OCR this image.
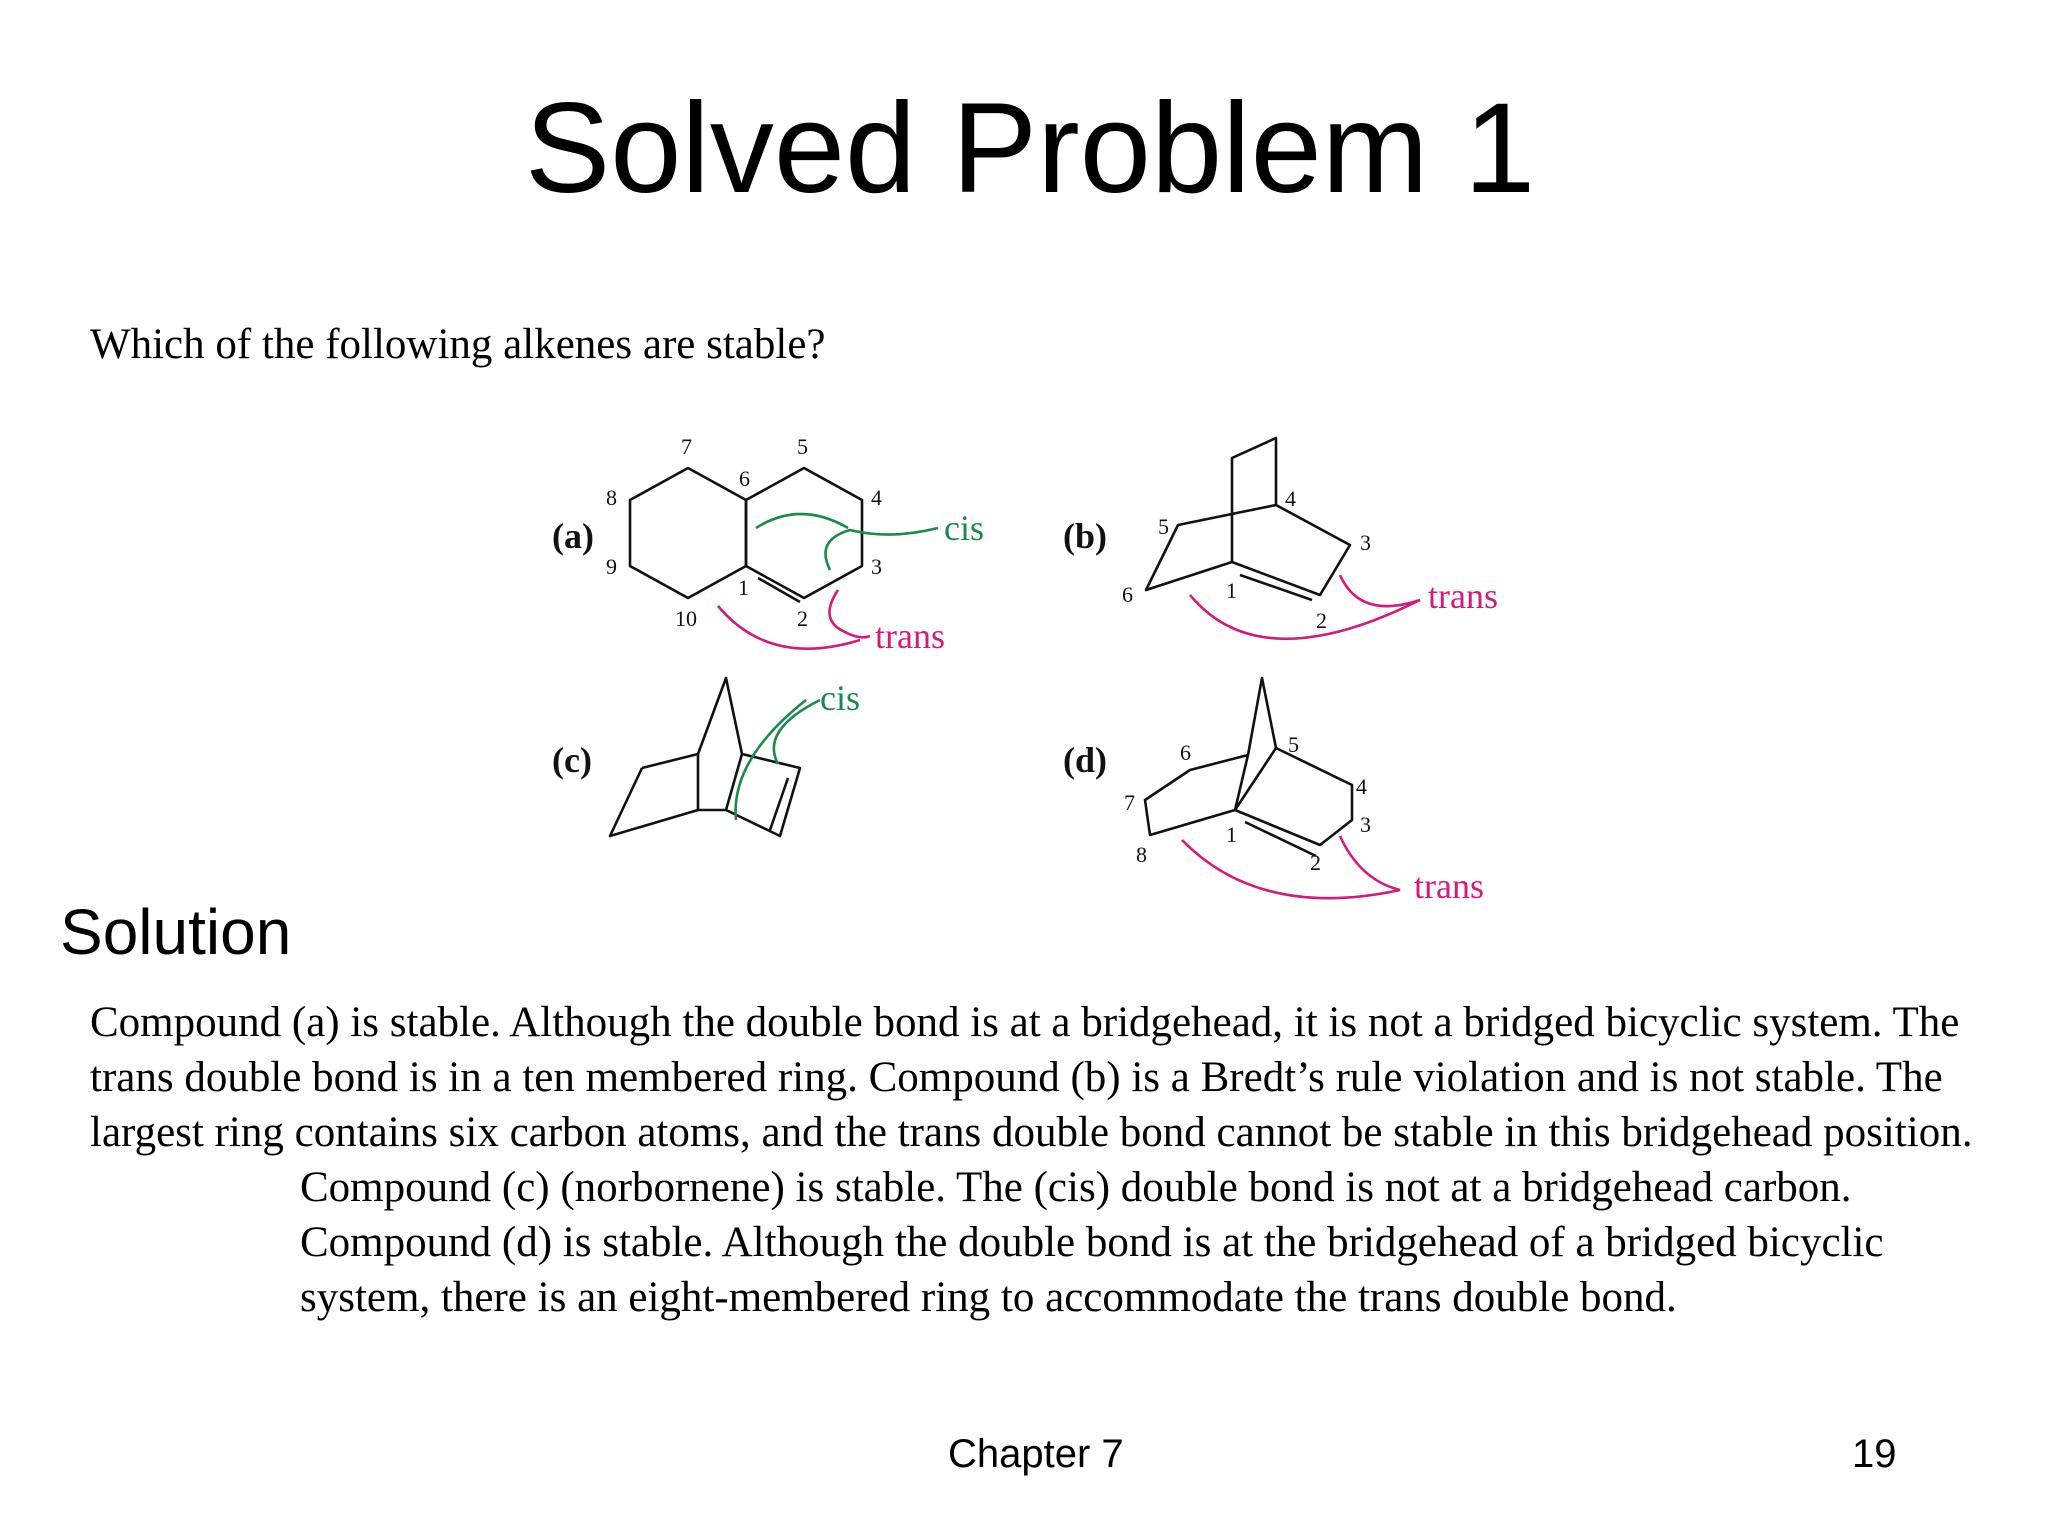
Solved Problem 1
Which of the following alkenes are stable?
(a)
7	5
6
8	4
9
1
3
10	2
cis
trans
(b)
4
5
3
6	1
2
trans
(c)
cis
(d)	6	5
4
7
3
1
8	2
trans
Solution

Compound (a) is stable. Although the double bond is at a bridgehead, it is not a bridged bicyclic system. The trans double bond is in a ten membered ring. Compound (b) is a Bredt’s rule violation and is not stable. The largest ring contains six carbon atoms, and the trans double bond cannot be stable in this bridgehead position.

Compound (c) (norbornene) is stable. The (cis) double bond is not at a bridgehead carbon. Compound (d) is stable. Although the double bond is at the bridgehead of a bridged bicyclic system, there is an eight-membered ring to accommodate the trans double bond.

Chapter 7	19
